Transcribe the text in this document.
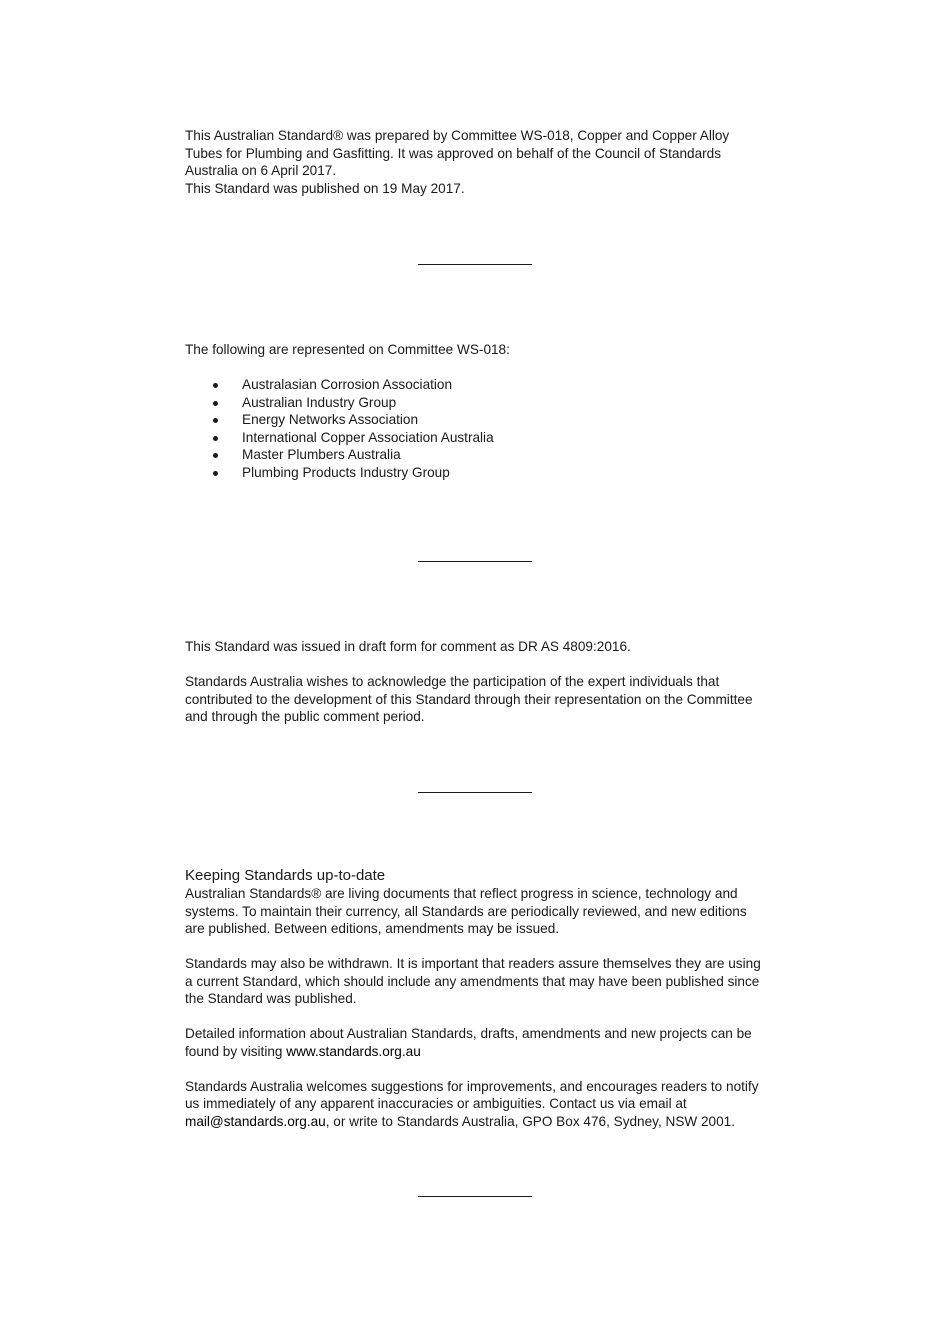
This Australian Standard® was prepared by Committee WS-018, Copper and Copper Alloy Tubes for Plumbing and Gasfitting. It was approved on behalf of the Council of Standards Australia on 6 April 2017.

This Standard was published on 19 May 2017.

The following are represented on Committee WS-018:

Australasian Corrosion Association
Australian Industry Group
Energy Networks Association
International Copper Association Australia
Master Plumbers Australia
Plumbing Products Industry Group

This Standard was issued in draft form for comment as DR AS 4809:2016.

Standards Australia wishes to acknowledge the participation of the expert individuals that contributed to the development of this Standard through their representation on the Committee and through the public comment period.

Keeping Standards up-to-date

Australian Standards® are living documents that reflect progress in science, technology and systems. To maintain their currency, all Standards are periodically reviewed, and new editions are published. Between editions, amendments may be issued.

Standards may also be withdrawn. It is important that readers assure themselves they are using a current Standard, which should include any amendments that may have been published since the Standard was published.

Detailed information about Australian Standards, drafts, amendments and new projects can be found by visiting www.standards.org.au

Standards Australia welcomes suggestions for improvements, and encourages readers to notify us immediately of any apparent inaccuracies or ambiguities. Contact us via email at mail@standards.org.au, or write to Standards Australia, GPO Box 476, Sydney, NSW 2001.
